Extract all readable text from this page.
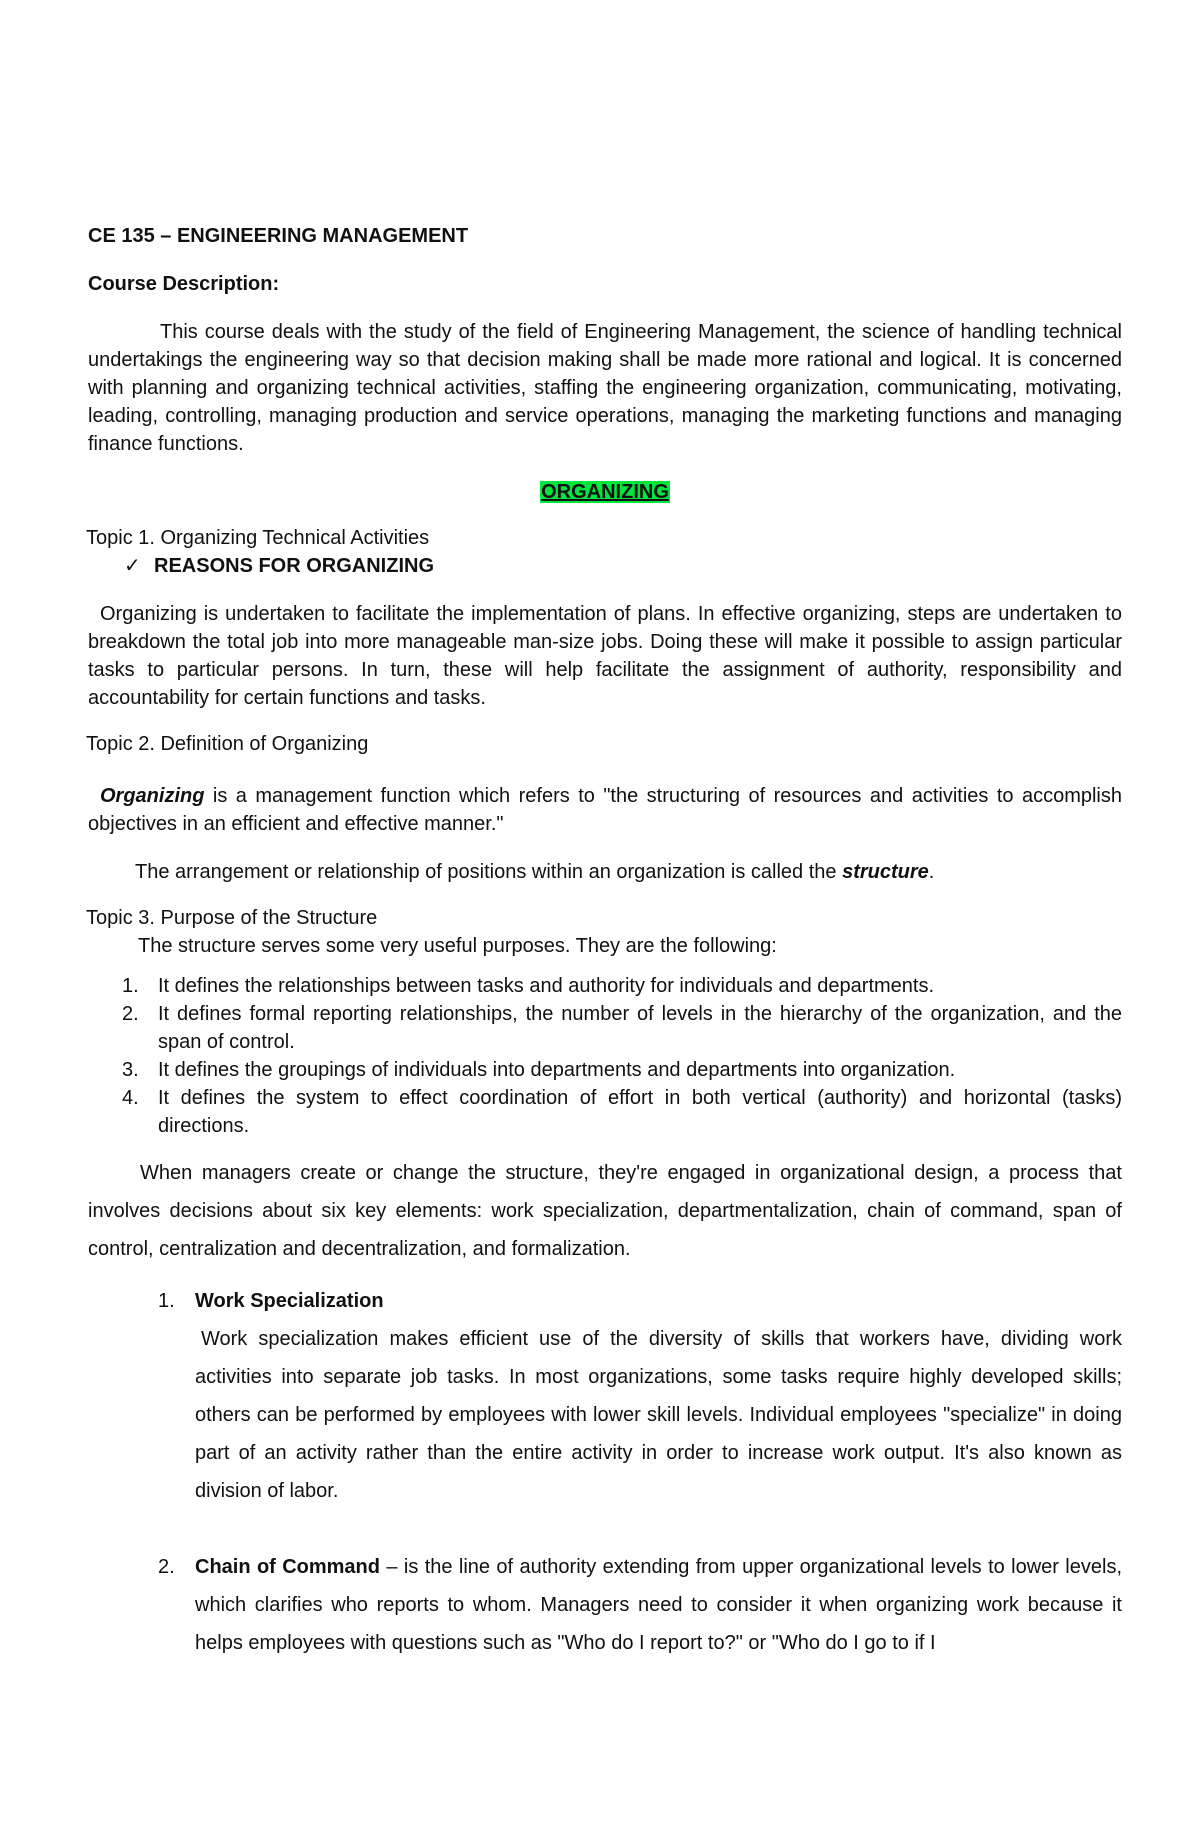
CE 135 – ENGINEERING MANAGEMENT

Course Description:

This course deals with the study of the field of Engineering Management, the science of handling technical undertakings the engineering way so that decision making shall be made more rational and logical. It is concerned with planning and organizing technical activities, staffing the engineering organization, communicating, motivating, leading, controlling, managing production and service operations, managing the marketing functions and managing finance functions.

ORGANIZING

Topic 1. Organizing Technical Activities

✓ REASONS FOR ORGANIZING

Organizing is undertaken to facilitate the implementation of plans. In effective organizing, steps are undertaken to breakdown the total job into more manageable man-size jobs. Doing these will make it possible to assign particular tasks to particular persons. In turn, these will help facilitate the assignment of authority, responsibility and accountability for certain functions and tasks.

Topic 2. Definition of Organizing

Organizing is a management function which refers to "the structuring of resources and activities to accomplish objectives in an efficient and effective manner."

The arrangement or relationship of positions within an organization is called the structure.

Topic 3. Purpose of the Structure

The structure serves some very useful purposes. They are the following:

1. It defines the relationships between tasks and authority for individuals and departments.
2. It defines formal reporting relationships, the number of levels in the hierarchy of the organization, and the span of control.
3. It defines the groupings of individuals into departments and departments into organization.
4. It defines the system to effect coordination of effort in both vertical (authority) and horizontal (tasks) directions.

When managers create or change the structure, they're engaged in organizational design, a process that involves decisions about six key elements: work specialization, departmentalization, chain of command, span of control, centralization and decentralization, and formalization.

1. Work Specialization
Work specialization makes efficient use of the diversity of skills that workers have, dividing work activities into separate job tasks. In most organizations, some tasks require highly developed skills; others can be performed by employees with lower skill levels. Individual employees "specialize" in doing part of an activity rather than the entire activity in order to increase work output. It's also known as division of labor.
2. Chain of Command – is the line of authority extending from upper organizational levels to lower levels, which clarifies who reports to whom. Managers need to consider it when organizing work because it helps employees with questions such as "Who do I report to?" or "Who do I go to if I
